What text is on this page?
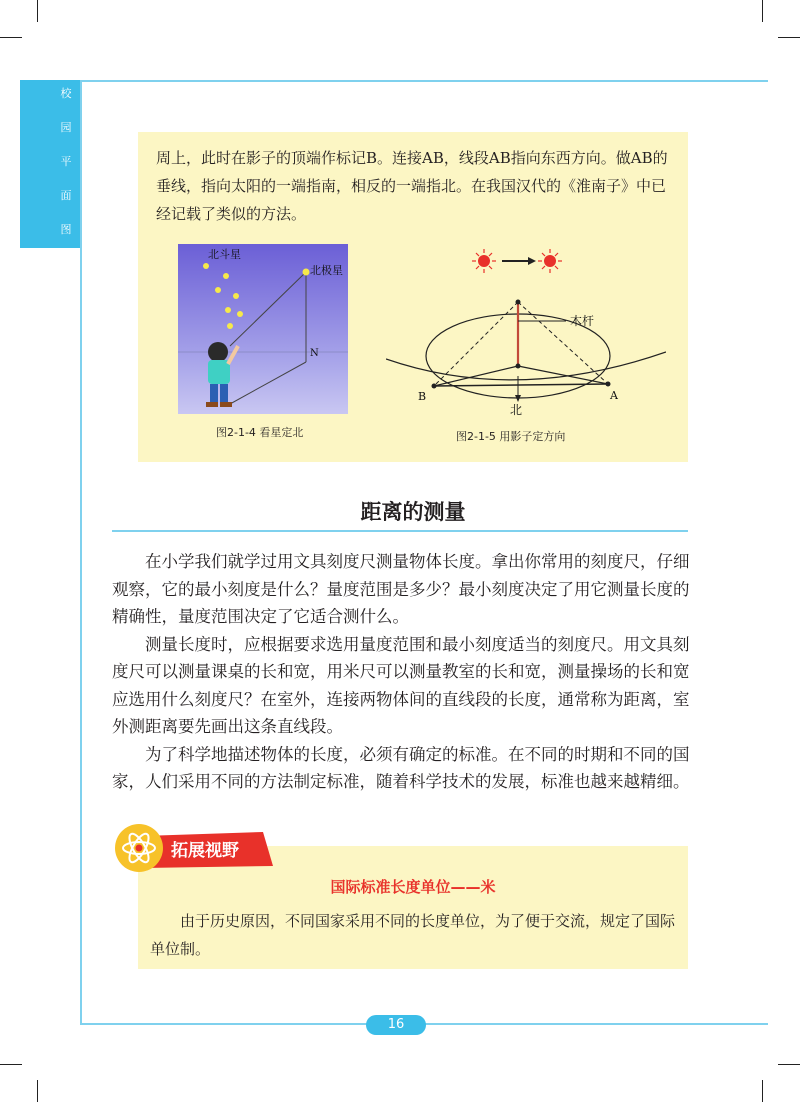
校
园
平
面
图
周上，此时在影子的顶端作标记B。连接AB，线段AB指向东西方向。做AB的垂线，指向太阳的一端指南，相反的一端指北。在我国汉代的《淮南子》中已经记载了类似的方法。
北斗星
北极星
N
图2-1-4 看星定北
木杆
B	A
北
图2-1-5 用影子定方向
距离的测量

在小学我们就学过用文具刻度尺测量物体长度。拿出你常用的刻度尺，仔细观察，它的最小刻度是什么？量度范围是多少？最小刻度决定了用它测量长度的精确性，量度范围决定了它适合测什么。

测量长度时，应根据要求选用量度范围和最小刻度适当的刻度尺。用文具刻度尺可以测量课桌的长和宽，用米尺可以测量教室的长和宽，测量操场的长和宽应选用什么刻度尺？在室外，连接两物体间的直线段的长度，通常称为距离，室外测距离要先画出这条直线段。

为了科学地描述物体的长度，必须有确定的标准。在不同的时期和不同的国家，人们采用不同的方法制定标准，随着科学技术的发展，标准也越来越精细。

拓展视野
国际标准长度单位——米

由于历史原因，不同国家采用不同的长度单位，为了便于交流，规定了国际单位制。

16
